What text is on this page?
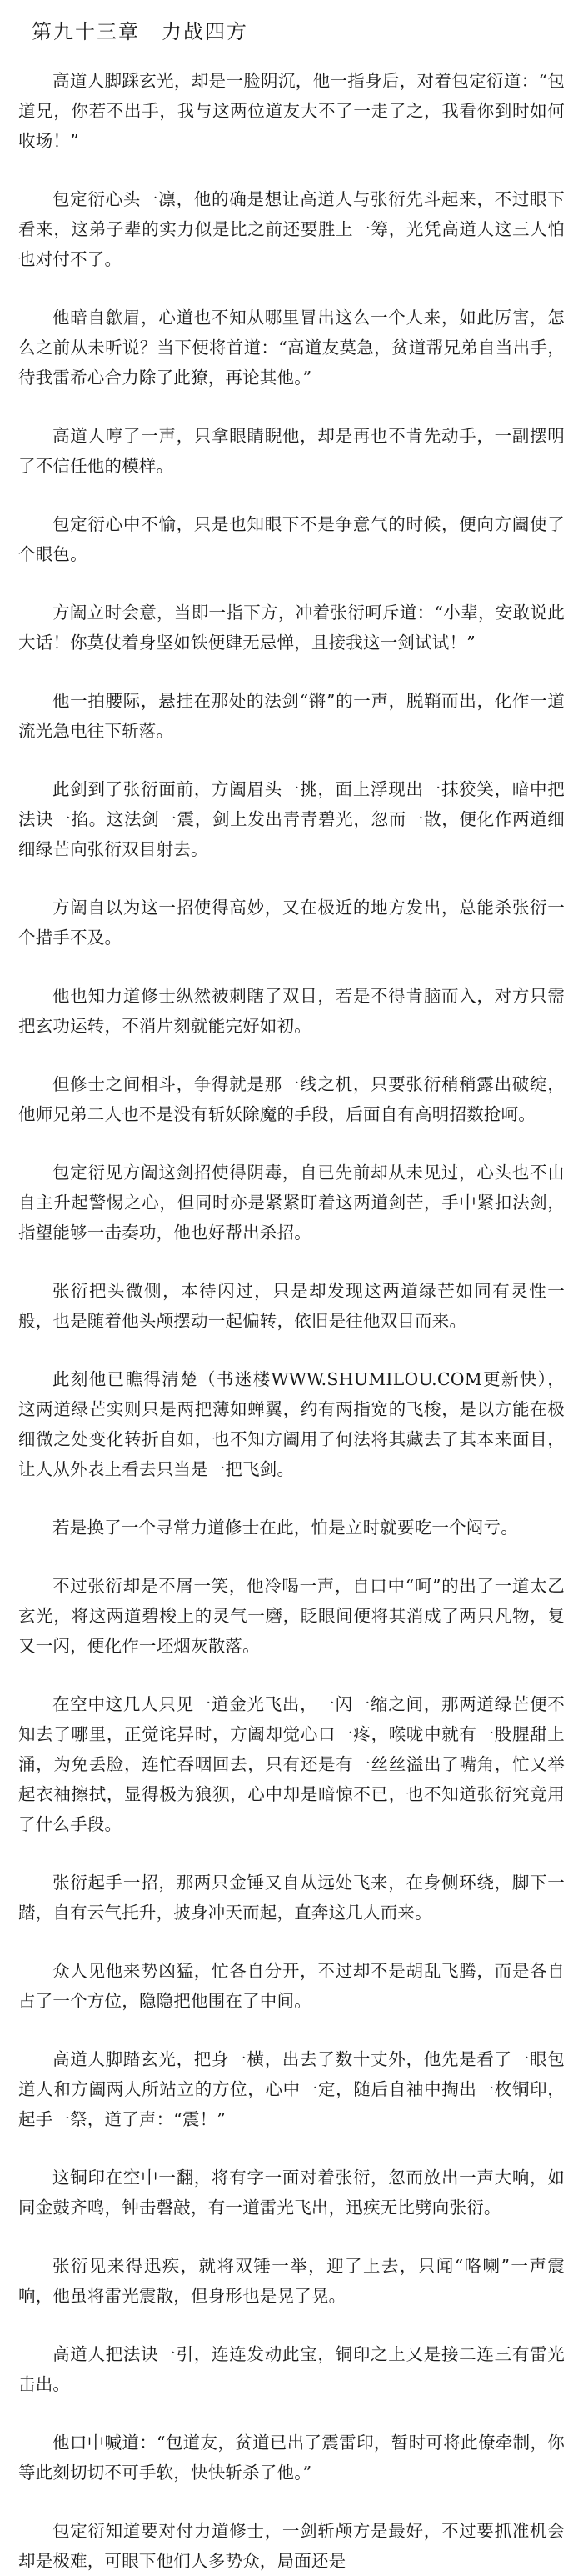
第九十三章　力战四方

高道人脚踩玄光，却是一脸阴沉，他一指身后，对着包定衍道：“包道兄，你若不出手，我与这两位道友大不了一走了之，我看你到时如何收场！”

包定衍心头一凛，他的确是想让高道人与张衍先斗起来，不过眼下看来，这弟子辈的实力似是比之前还要胜上一筹，光凭高道人这三人怕也对付不了。

他暗自歙眉，心道也不知从哪里冒出这么一个人来，如此厉害，怎么之前从未听说？当下便将首道：“高道友莫急，贫道帮兄弟自当出手，待我雷希心合力除了此獠，再论其他。”

高道人哼了一声，只拿眼睛睨他，却是再也不肯先动手，一副摆明了不信任他的模样。

包定衍心中不愉，只是也知眼下不是争意气的时候，便向方阖使了个眼色。

方阖立时会意，当即一指下方，冲着张衍呵斥道：“小辈，安敢说此大话！你莫仗着身坚如铁便肆无忌惮，且接我这一剑试试！”

他一拍腰际，悬挂在那处的法剑“锵”的一声，脱鞘而出，化作一道流光急电往下斩落。

此剑到了张衍面前，方阖眉头一挑，面上浮现出一抹狡笑，暗中把法诀一掐。这法剑一震，剑上发出青青碧光，忽而一散，便化作两道细细绿芒向张衍双目射去。

方阖自以为这一招使得高妙，又在极近的地方发出，总能杀张衍一个措手不及。

他也知力道修士纵然被刺瞎了双目，若是不得肯脑而入，对方只需把玄功运转，不消片刻就能完好如初。

但修士之间相斗，争得就是那一线之机，只要张衍稍稍露出破绽，他师兄弟二人也不是没有斩妖除魔的手段，后面自有高明招数抢呵。

包定衍见方阖这剑招使得阴毒，自已先前却从未见过，心头也不由自主升起警惕之心，但同时亦是紧紧盯着这两道剑芒，手中紧扣法剑，指望能够一击奏功，他也好帮出杀招。

张衍把头微侧，本待闪过，只是却发现这两道绿芒如同有灵性一般，也是随着他头颅摆动一起偏转，依旧是往他双目而来。

此刻他已瞧得清楚（书迷楼WWW.SHUMILOU.COM更新快），这两道绿芒实则只是两把薄如蝉翼，约有两指宽的飞梭，是以方能在极细微之处变化转折自如，也不知方阖用了何法将其藏去了其本来面目，让人从外表上看去只当是一把飞剑。

若是换了一个寻常力道修士在此，怕是立时就要吃一个闷亏。

不过张衍却是不屑一笑，他冷喝一声，自口中“呵”的出了一道太乙玄光，将这两道碧梭上的灵气一磨，眨眼间便将其消成了两只凡物，复又一闪，便化作一坯烟灰散落。

在空中这几人只见一道金光飞出，一闪一缩之间，那两道绿芒便不知去了哪里，正觉诧异时，方阖却觉心口一疼，喉咙中就有一股腥甜上涌，为免丢脸，连忙吞咽回去，只有还是有一丝丝溢出了嘴角，忙又举起衣袖擦拭，显得极为狼狈，心中却是暗惊不已，也不知道张衍究竟用了什么手段。

张衍起手一招，那两只金锤又自从远处飞来，在身侧环绕，脚下一踏，自有云气托升，披身冲天而起，直奔这几人而来。

众人见他来势凶猛，忙各自分开，不过却不是胡乱飞腾，而是各自占了一个方位，隐隐把他围在了中间。

高道人脚踏玄光，把身一横，出去了数十丈外，他先是看了一眼包道人和方阖两人所站立的方位，心中一定，随后自袖中掏出一枚铜印，起手一祭，道了声：“震！”

这铜印在空中一翻，将有字一面对着张衍，忽而放出一声大响，如同金鼓齐鸣，钟击磬敲，有一道雷光飞出，迅疾无比劈向张衍。

张衍见来得迅疾，就将双锤一举，迎了上去，只闻“咯喇”一声震响，他虽将雷光震散，但身形也是晃了晃。

高道人把法诀一引，连连发动此宝，铜印之上又是接二连三有雷光击出。

他口中喊道：“包道友，贫道已出了震雷印，暂时可将此僚牵制，你等此刻切切不可手软，快快斩杀了他。”

包定衍知道要对付力道修士，一剑斩颅方是最好，不过要抓准机会却是极难，可眼下他们人多势众，局面还是
